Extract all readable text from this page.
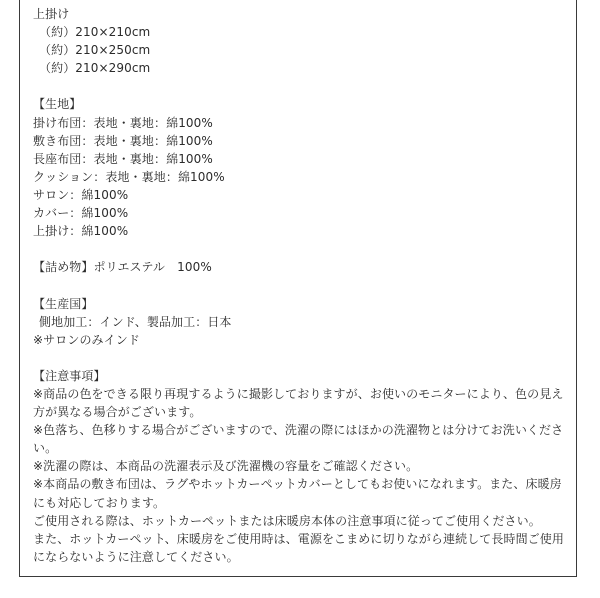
上掛け
（約）210×210cm
（約）210×250cm
（約）210×290cm
【生地】
掛け布団：表地・裏地：綿100%
敷き布団：表地・裏地：綿100%
長座布団：表地・裏地：綿100%
クッション：表地・裏地：綿100%
サロン：綿100%
カバー：綿100%
上掛け：綿100%
【詰め物】ポリエステル　100%
【生産国】
側地加工：インド、製品加工：日本
※サロンのみインド
【注意事項】
※商品の色をできる限り再現するように撮影しておりますが、お使いのモニターにより、色の見え方が異なる場合がございます。
※色落ち、色移りする場合がございますので、洗濯の際にはほかの洗濯物とは分けてお洗いください。
※洗濯の際は、本商品の洗濯表示及び洗濯機の容量をご確認ください。
※本商品の敷き布団は、ラグやホットカーペットカバーとしてもお使いになれます。また、床暖房にも対応しております。
ご使用される際は、ホットカーペットまたは床暖房本体の注意事項に従ってご使用ください。
また、ホットカーペット、床暖房をご使用時は、電源をこまめに切りながら連続して長時間ご使用にならないように注意してください。
